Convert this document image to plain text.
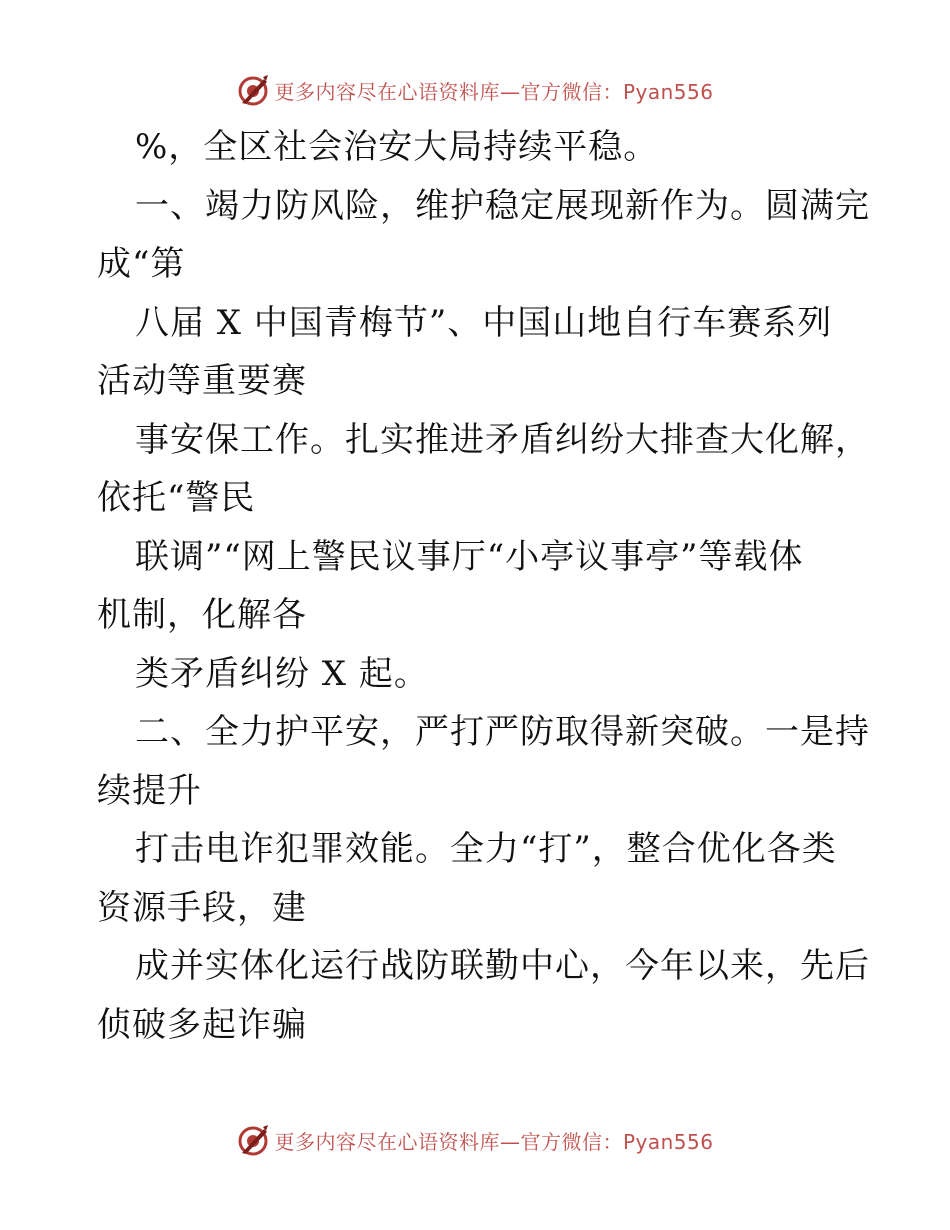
更多内容尽在心语资料库—官方微信：Pyan556
%，全区社会治安大局持续平稳。
一、竭力防风险，维护稳定展现新作为。圆满完
成“第
八届 X 中国青梅节”、中国山地自行车赛系列
活动等重要赛
事安保工作。扎实推进矛盾纠纷大排查大化解，
依托“警民
联调”“网上警民议事厅“小亭议事亭”等载体
机制，化解各
类矛盾纠纷 X 起。
二、全力护平安，严打严防取得新突破。一是持
续提升
打击电诈犯罪效能。全力“打”，整合优化各类
资源手段，建
成并实体化运行战防联勤中心，今年以来，先后
侦破多起诈骗
更多内容尽在心语资料库—官方微信：Pyan556
